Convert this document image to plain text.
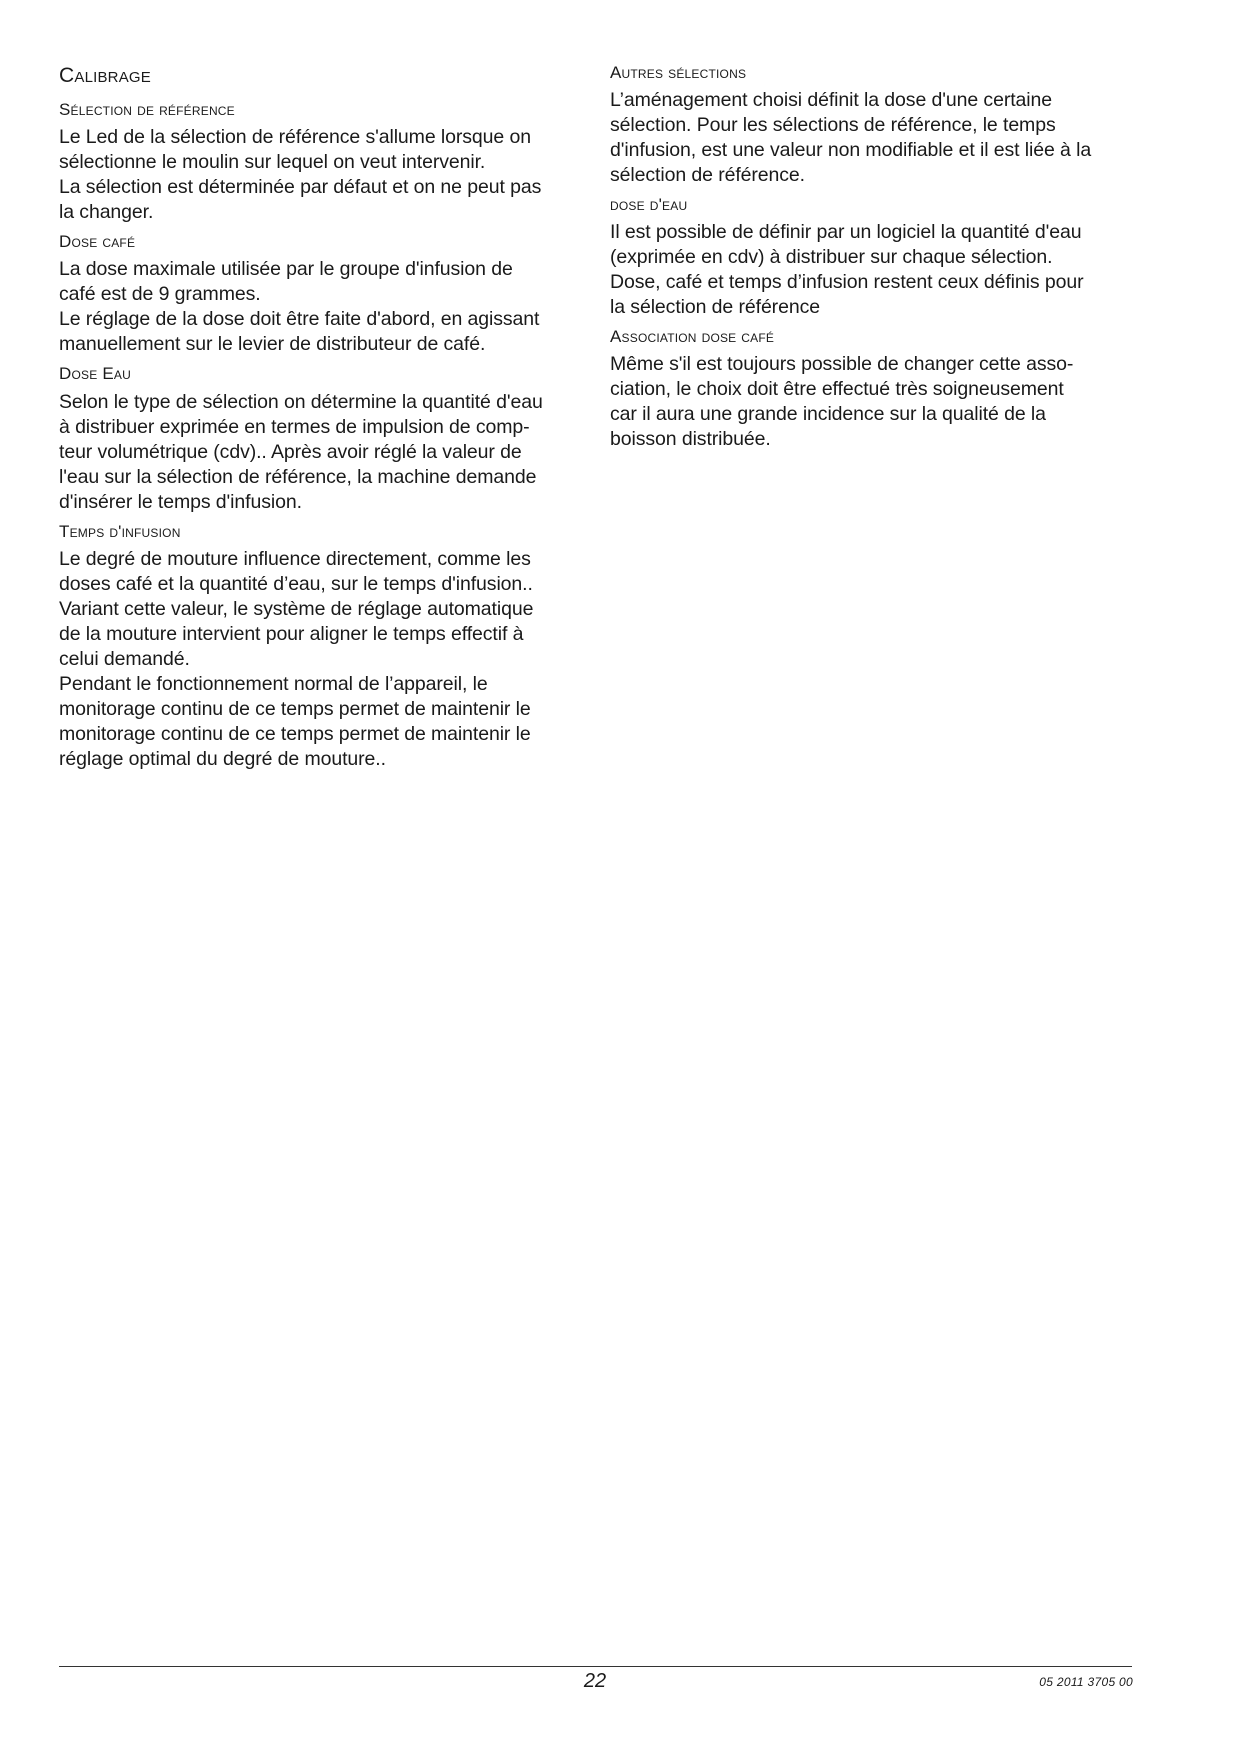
Calibrage
Sélection de référence

Le Led de la sélection de référence s'allume lorsque on
sélectionne le moulin sur lequel on veut intervenir.
La sélection est déterminée par défaut et on ne peut pas
la changer.

Dose café

La dose maximale utilisée par le groupe d'infusion de
café est de 9 grammes.
Le réglage de la dose doit être faite d'abord, en agissant
manuellement sur le levier de distributeur de café.

Dose Eau

Selon le type de sélection on détermine la quantité d'eau
à distribuer exprimée en termes de impulsion de comp-
teur volumétrique (cdv).. Après avoir réglé la valeur de
l'eau sur la sélection de référence, la machine demande
d'insérer le temps d'infusion.

Temps d'infusion

Le degré de mouture influence directement, comme les
doses café et la quantité d’eau, sur le temps d'infusion..
Variant cette valeur, le système de réglage automatique
de la mouture intervient pour aligner le temps effectif à
celui demandé.
Pendant le fonctionnement normal de l’appareil, le
monitorage continu de ce temps permet de maintenir le
monitorage continu de ce temps permet de maintenir le
réglage optimal du degré de mouture..

Autres sélections

L’aménagement choisi définit la dose d'une certaine
sélection. Pour les sélections de référence, le temps
d'infusion, est une valeur non modifiable et il est liée à la
sélection de référence.

dose d'eau

Il est possible de définir par un logiciel la quantité d'eau
(exprimée en cdv) à distribuer sur chaque sélection.
Dose, café et temps d’infusion restent ceux définis pour
la sélection de référence

Association dose café

Même s'il est toujours possible de changer cette asso-
ciation, le choix doit être effectué très soigneusement
car il aura une grande incidence sur la qualité de la
boisson distribuée.

22	05 2011 3705 00
